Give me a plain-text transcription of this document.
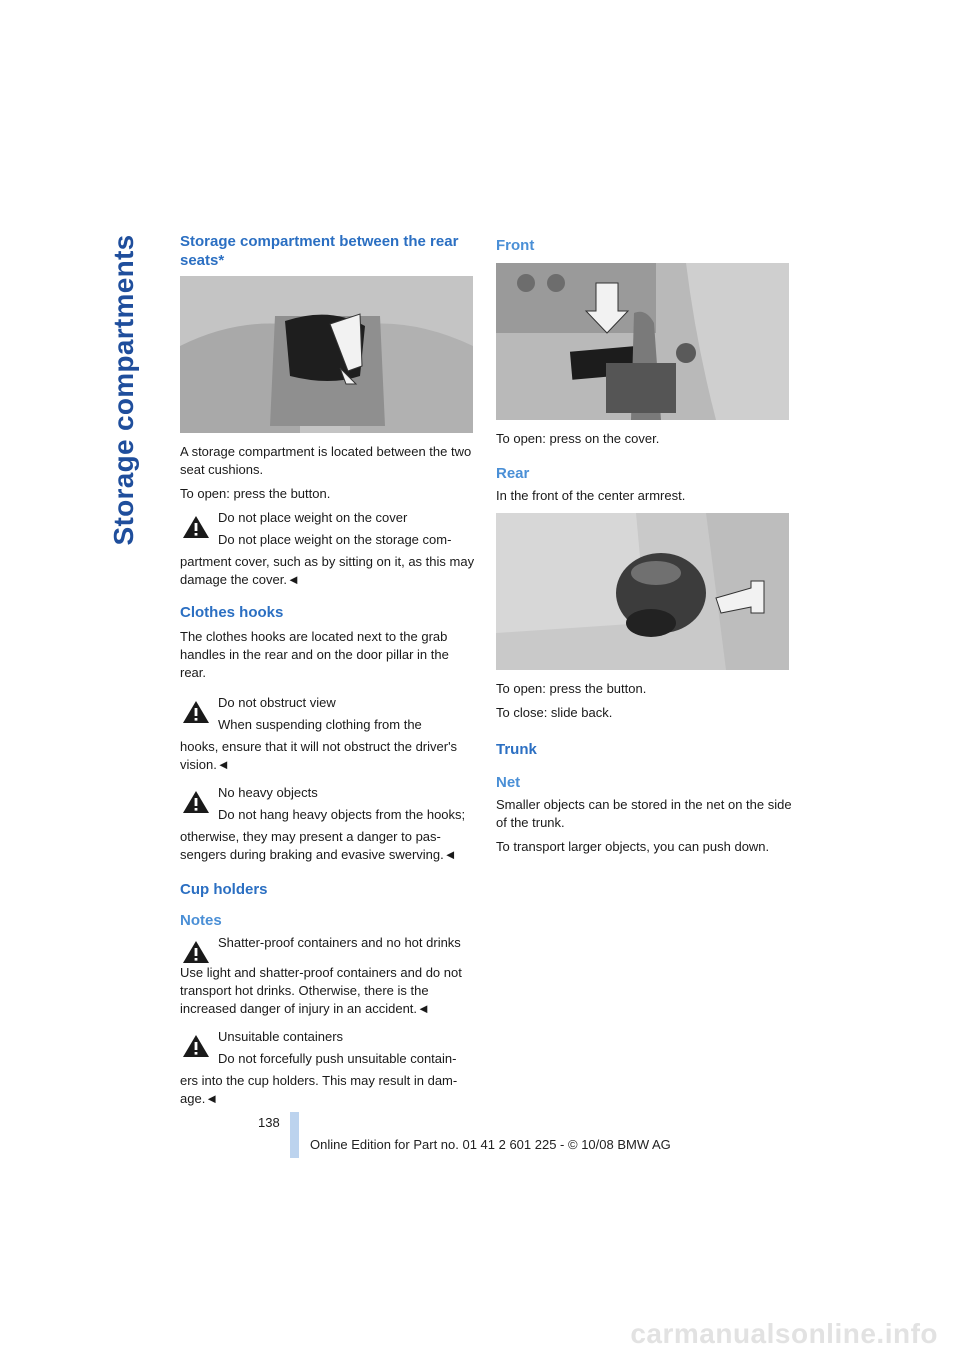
Storage compartments	Storage compartment between the rear seats*

A storage compartment is located between the two seat cushions.

To open: press the button.

Do not place weight on the cover

Do not place weight on the storage com-

partment cover, such as by sitting on it, as this may damage the cover.◄

Clothes hooks

The clothes hooks are located next to the grab handles in the rear and on the door pillar in the rear.

Do not obstruct view

When suspending clothing from the

hooks, ensure that it will not obstruct the driver's vision.◄

No heavy objects

Do not hang heavy objects from the hooks;

otherwise, they may present a danger to pas-sengers during braking and evasive swerving.◄

Cup holders
Notes

Shatter-proof containers and no hot drinks

Use light and shatter-proof containers and do not transport hot drinks. Otherwise, there is the increased danger of injury in an accident.◄

Unsuitable containers

Do not forcefully push unsuitable contain-

ers into the cup holders. This may result in dam-age.◄

Front

To open: press on the cover.

Rear

In the front of the center armrest.

To open: press the button.

To close: slide back.

Trunk
Net

Smaller objects can be stored in the net on the side of the trunk.

To transport larger objects, you can push down.

138
Online Edition for Part no. 01 41 2 601 225 - © 10/08 BMW AG
carmanualsonline.info
